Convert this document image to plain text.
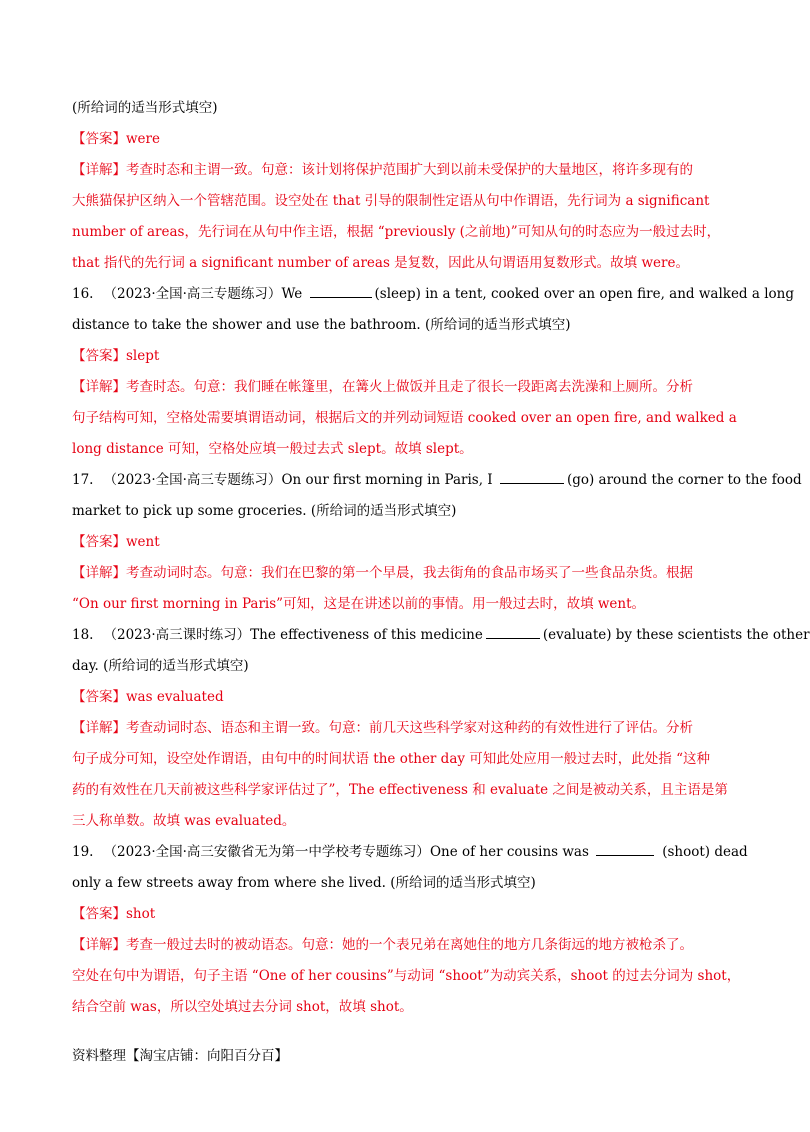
(所给词的适当形式填空)
【答案】were
【详解】考查时态和主谓一致。句意：该计划将保护范围扩大到以前未受保护的大量地区，将许多现有的
大熊猫保护区纳入一个管辖范围。设空处在 that 引导的限制性定语从句中作谓语，先行词为 a significant
number of areas，先行词在从句中作主语，根据 “previously (之前地)”可知从句的时态应为一般过去时，
that 指代的先行词 a significant number of areas 是复数，因此从句谓语用复数形式。故填 were。
16. （2023·全国·高三专题练习）We	(sleep) in a tent, cooked over an open fire, and walked a long
distance to take the shower and use the bathroom. (所给词的适当形式填空)
【答案】slept
【详解】考查时态。句意：我们睡在帐篷里，在篝火上做饭并且走了很长一段距离去洗澡和上厕所。分析
句子结构可知，空格处需要填谓语动词，根据后文的并列动词短语 cooked over an open fire, and walked a
long distance 可知，空格处应填一般过去式 slept。故填 slept。
17. （2023·全国·高三专题练习）On our first morning in Paris, I	(go) around the corner to the food
market to pick up some groceries. (所给词的适当形式填空)
【答案】went
【详解】考查动词时态。句意：我们在巴黎的第一个早晨，我去街角的食品市场买了一些食品杂货。根据
“On our first morning in Paris”可知，这是在讲述以前的事情。用一般过去时，故填 went。
18. （2023·高三课时练习）The effectiveness of this medicine	(evaluate) by these scientists the other
day. (所给词的适当形式填空)
【答案】was evaluated
【详解】考查动词时态、语态和主谓一致。句意：前几天这些科学家对这种药的有效性进行了评估。分析
句子成分可知，设空处作谓语，由句中的时间状语 the other day 可知此处应用一般过去时，此处指 “这种
药的有效性在几天前被这些科学家评估过了”，The effectiveness 和 evaluate 之间是被动关系，且主语是第
三人称单数。故填 was evaluated。
19. （2023·全国·高三安徽省无为第一中学校考专题练习）One of her cousins was	(shoot) dead
only a few streets away from where she lived. (所给词的适当形式填空)
【答案】shot
【详解】考查一般过去时的被动语态。句意：她的一个表兄弟在离她住的地方几条街远的地方被枪杀了。
空处在句中为谓语，句子主语 “One of her cousins”与动词 “shoot”为动宾关系，shoot 的过去分词为 shot，
结合空前 was，所以空处填过去分词 shot，故填 shot。
资料整理【淘宝店铺：向阳百分百】
